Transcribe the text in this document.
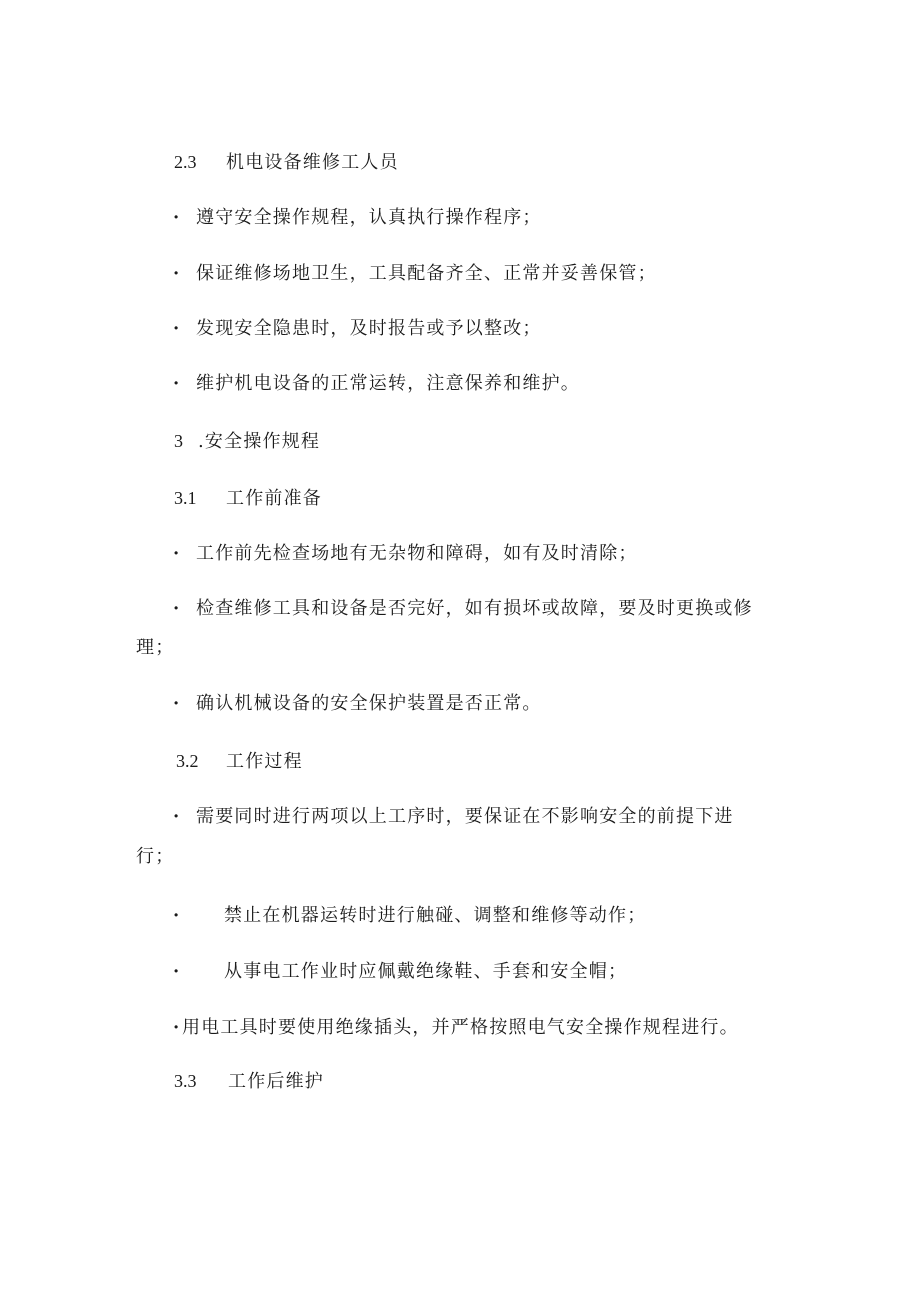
2.3 机电设备维修工人员
• 遵守安全操作规程，认真执行操作程序；
• 保证维修场地卫生，工具配备齐全、正常并妥善保管；
• 发现安全隐患时，及时报告或予以整改；
• 维护机电设备的正常运转，注意保养和维护。
3 .安全操作规程
3.1 工作前准备
• 工作前先检查场地有无杂物和障碍，如有及时清除；
• 检查维修工具和设备是否完好，如有损坏或故障，要及时更换或修
理；
• 确认机械设备的安全保护装置是否正常。
3.2 工作过程
• 需要同时进行两项以上工序时，要保证在不影响安全的前提下进
行；
•	禁止在机器运转时进行触碰、调整和维修等动作；
•	从事电工作业时应佩戴绝缘鞋、手套和安全帽；
• 用电工具时要使用绝缘插头，并严格按照电气安全操作规程进行。
3.3 工作后维护
